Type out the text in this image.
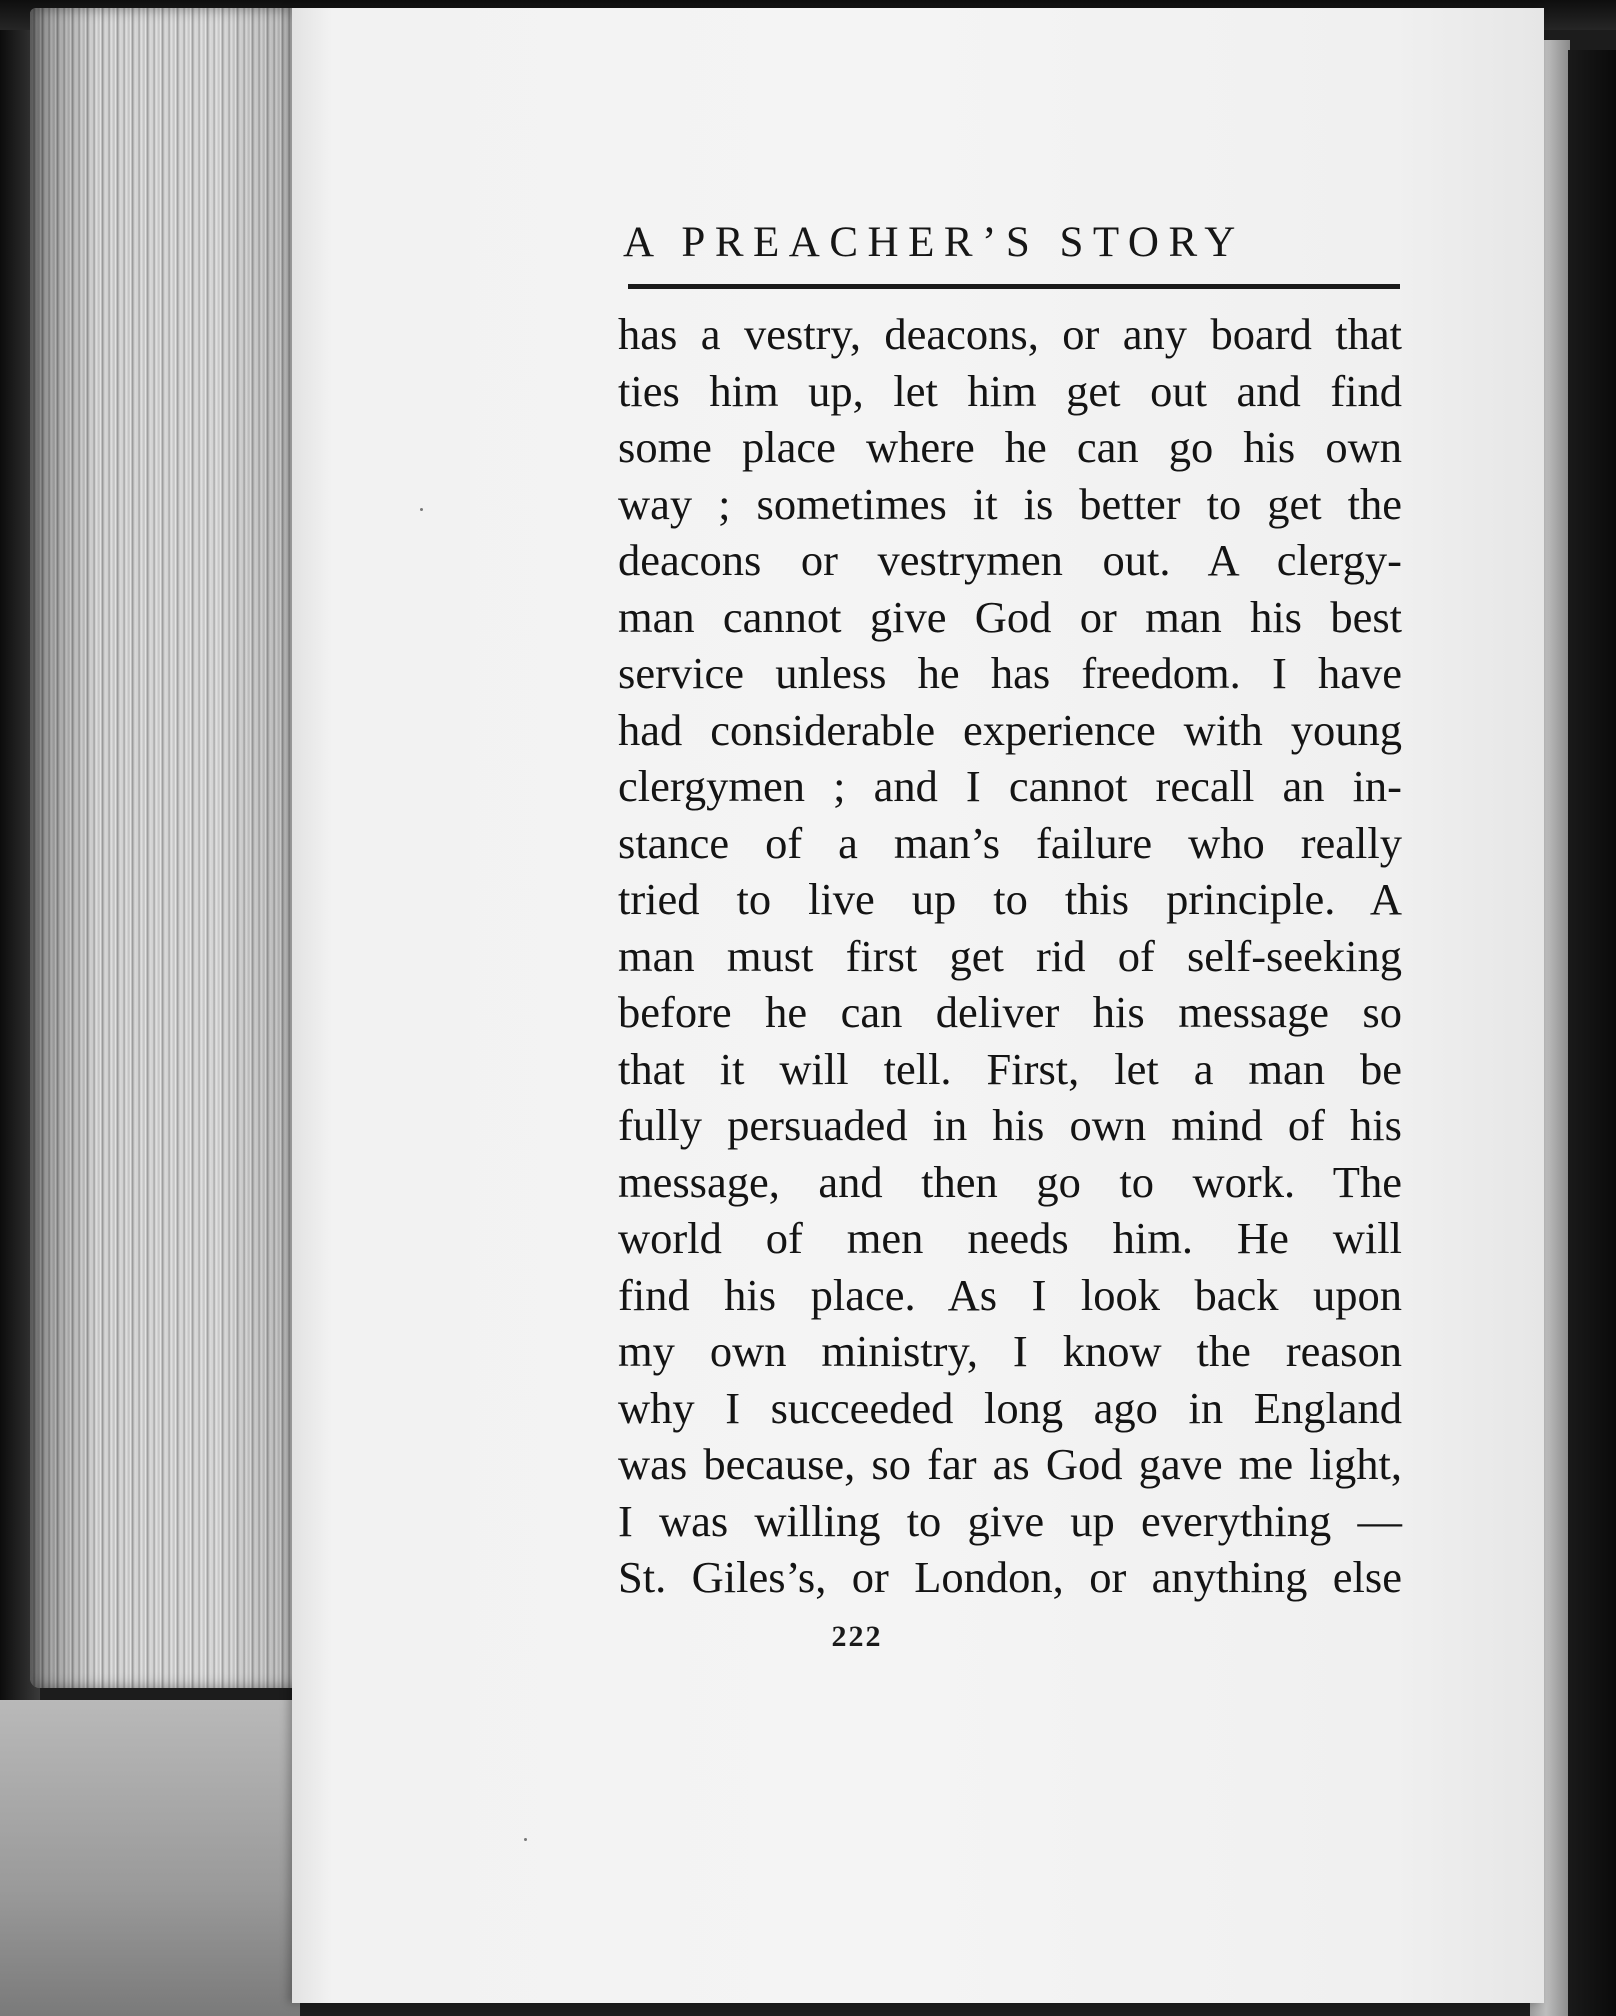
A PREACHER’S STORY
has a vestry, deacons, or any board that
ties him up, let him get out and find
some place where he can go his own
way ; sometimes it is better to get the
deacons or vestrymen out. A clergy-
man cannot give God or man his best
service unless he has freedom. I have
had considerable experience with young
clergymen ; and I cannot recall an in-
stance of a man’s failure who really
tried to live up to this principle. A
man must first get rid of self-seeking
before he can deliver his message so
that it will tell. First, let a man be
fully persuaded in his own mind of his
message, and then go to work. The
world of men needs him. He will
find his place. As I look back upon
my own ministry, I know the reason
why I succeeded long ago in England
was because, so far as God gave me light,
I was willing to give up everything —
St. Giles’s, or London, or anything else
222
